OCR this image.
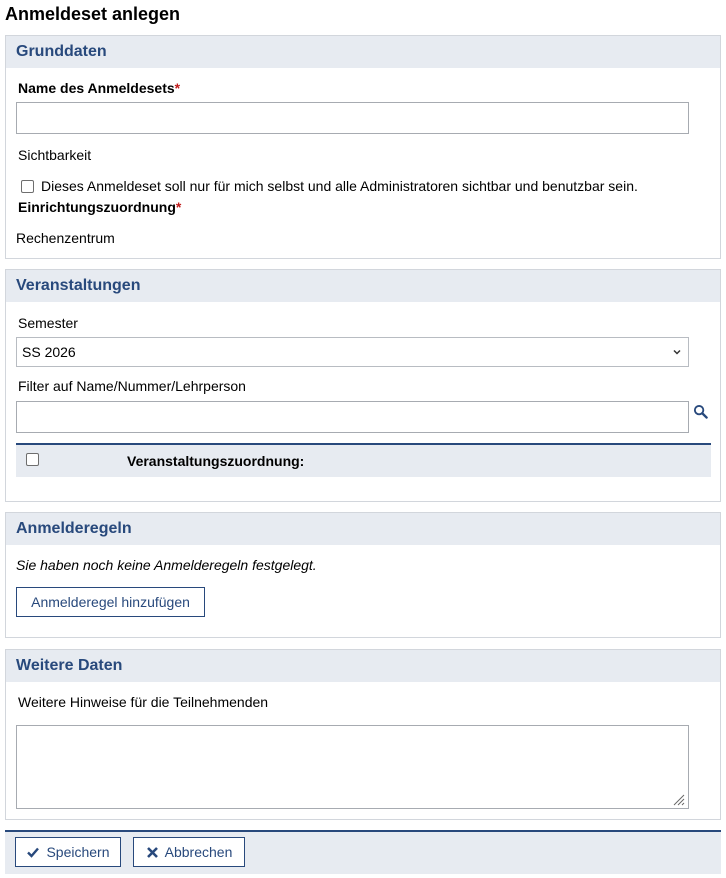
Anmeldeset anlegen
Grunddaten
Name des Anmeldesets*
Sichtbarkeit
Dieses Anmeldeset soll nur für mich selbst und alle Administratoren sichtbar und benutzbar sein.
Einrichtungszuordnung*
Rechenzentrum
Veranstaltungen
Semester
SS 2026
Filter auf Name/Nummer/Lehrperson
Veranstaltungszuordnung:
Anmelderegeln
Sie haben noch keine Anmelderegeln festgelegt.
Anmelderegel hinzufügen
Weitere Daten
Weitere Hinweise für die Teilnehmenden
Speichern	Abbrechen
